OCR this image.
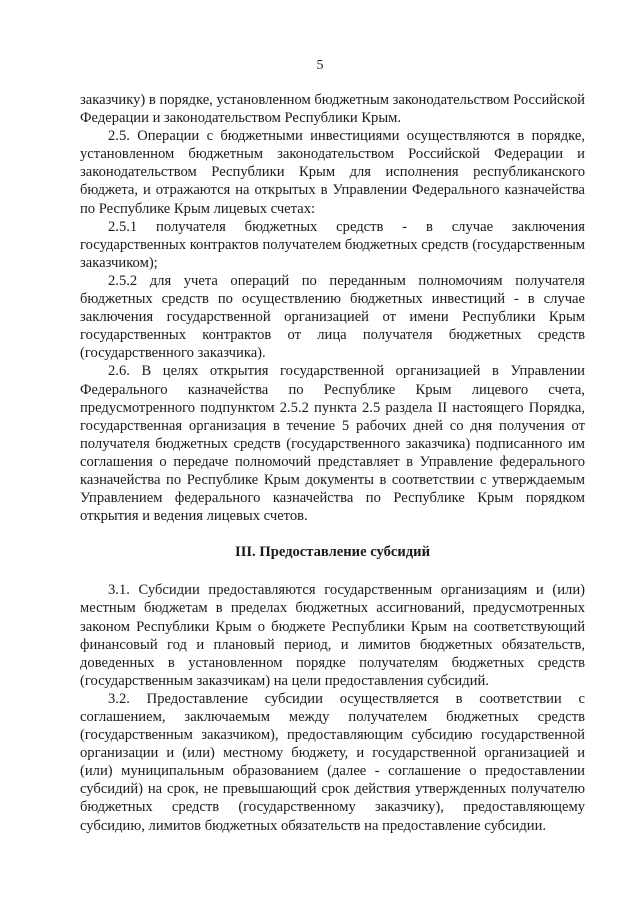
5

заказчику) в порядке, установленном бюджетным законодательством Российской Федерации и законодательством Республики Крым.

2.5. Операции с бюджетными инвестициями осуществляются в порядке, установленном бюджетным законодательством Российской Федерации и законодательством Республики Крым для исполнения республиканского бюджета, и отражаются на открытых в Управлении Федерального казначейства по Республике Крым лицевых счетах:

2.5.1 получателя бюджетных средств - в случае заключения государственных контрактов получателем бюджетных средств (государственным заказчиком);

2.5.2 для учета операций по переданным полномочиям получателя бюджетных средств по осуществлению бюджетных инвестиций - в случае заключения государственной организацией от имени Республики Крым государственных контрактов от лица получателя бюджетных средств (государственного заказчика).

2.6. В целях открытия государственной организацией в Управлении Федерального казначейства по Республике Крым лицевого счета, предусмотренного подпунктом 2.5.2 пункта 2.5 раздела II настоящего Порядка, государственная организация в течение 5 рабочих дней со дня получения от получателя бюджетных средств (государственного заказчика) подписанного им соглашения о передаче полномочий представляет в Управление федерального казначейства по Республике Крым документы в соответствии с утверждаемым Управлением федерального казначейства по Республике Крым порядком открытия и ведения лицевых счетов.

III. Предоставление субсидий

3.1. Субсидии предоставляются государственным организациям и (или) местным бюджетам в пределах бюджетных ассигнований, предусмотренных законом Республики Крым о бюджете Республики Крым на соответствующий финансовый год и плановый период, и лимитов бюджетных обязательств, доведенных в установленном порядке получателям бюджетных средств (государственным заказчикам) на цели предоставления субсидий.

3.2. Предоставление субсидии осуществляется в соответствии с соглашением, заключаемым между получателем бюджетных средств (государственным заказчиком), предоставляющим субсидию государственной организации и (или) местному бюджету, и государственной организацией и (или) муниципальным образованием (далее - соглашение о предоставлении субсидий) на срок, не превышающий срок действия утвержденных получателю бюджетных средств (государственному заказчику), предоставляющему субсидию, лимитов бюджетных обязательств на предоставление субсидии.
